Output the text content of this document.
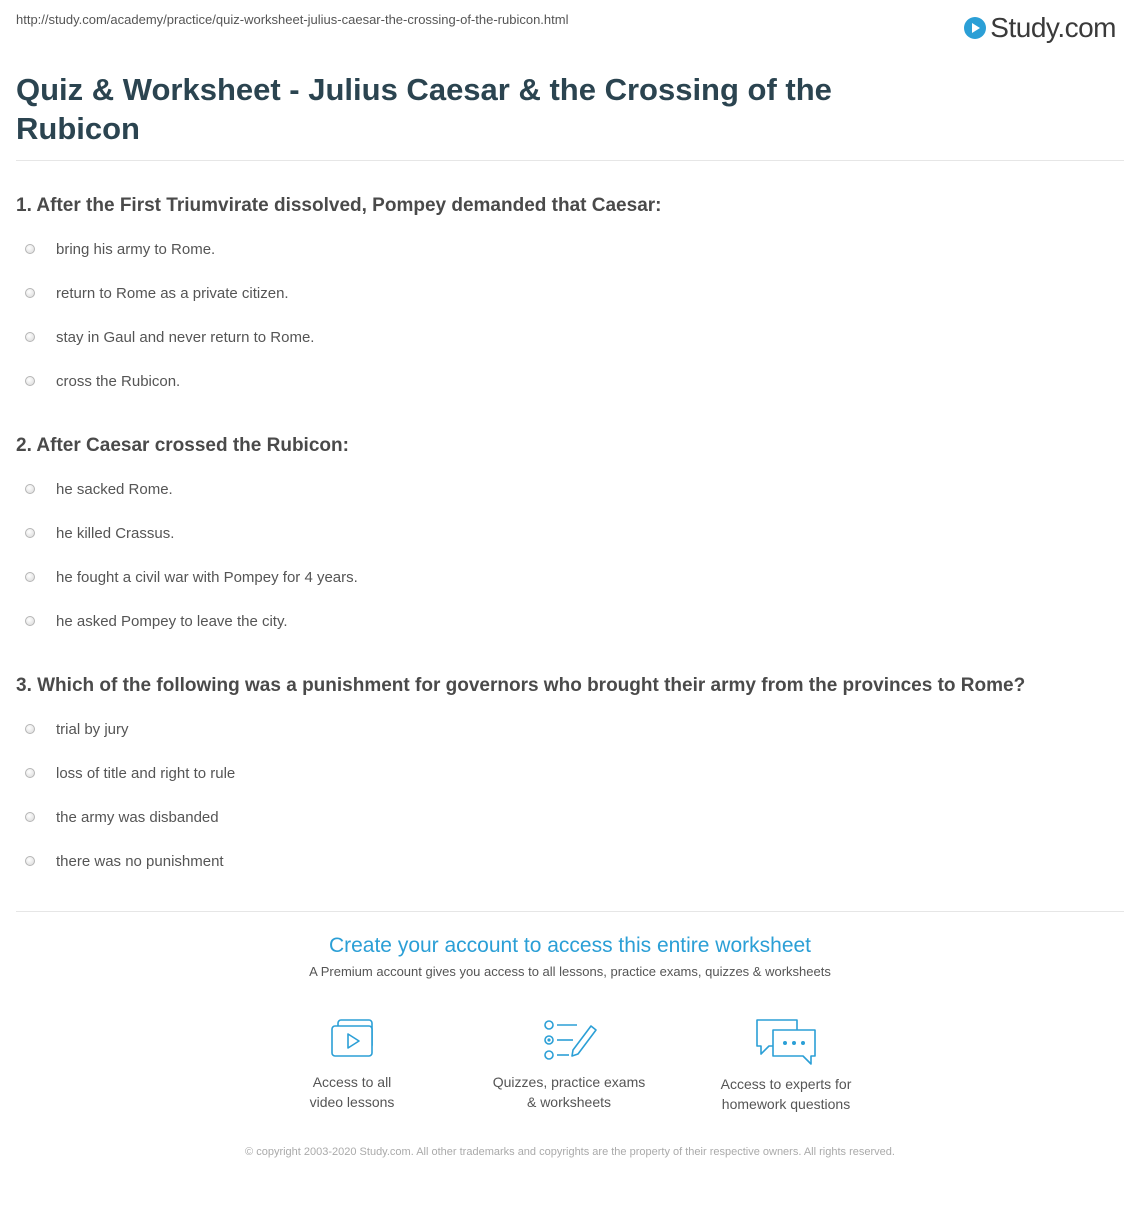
http://study.com/academy/practice/quiz-worksheet-julius-caesar-the-crossing-of-the-rubicon.html	Study.com
Quiz & Worksheet - Julius Caesar & the Crossing of the Rubicon
1. After the First Triumvirate dissolved, Pompey demanded that Caesar:
bring his army to Rome.
return to Rome as a private citizen.
stay in Gaul and never return to Rome.
cross the Rubicon.
2. After Caesar crossed the Rubicon:
he sacked Rome.
he killed Crassus.
he fought a civil war with Pompey for 4 years.
he asked Pompey to leave the city.
3. Which of the following was a punishment for governors who brought their army from the provinces to Rome?
trial by jury
loss of title and right to rule
the army was disbanded
there was no punishment
Create your account to access this entire worksheet
A Premium account gives you access to all lessons, practice exams, quizzes & worksheets
Access to all
video lessons
Quizzes, practice exams
& worksheets
Access to experts for
homework questions
© copyright 2003-2020 Study.com. All other trademarks and copyrights are the property of their respective owners. All rights reserved.
